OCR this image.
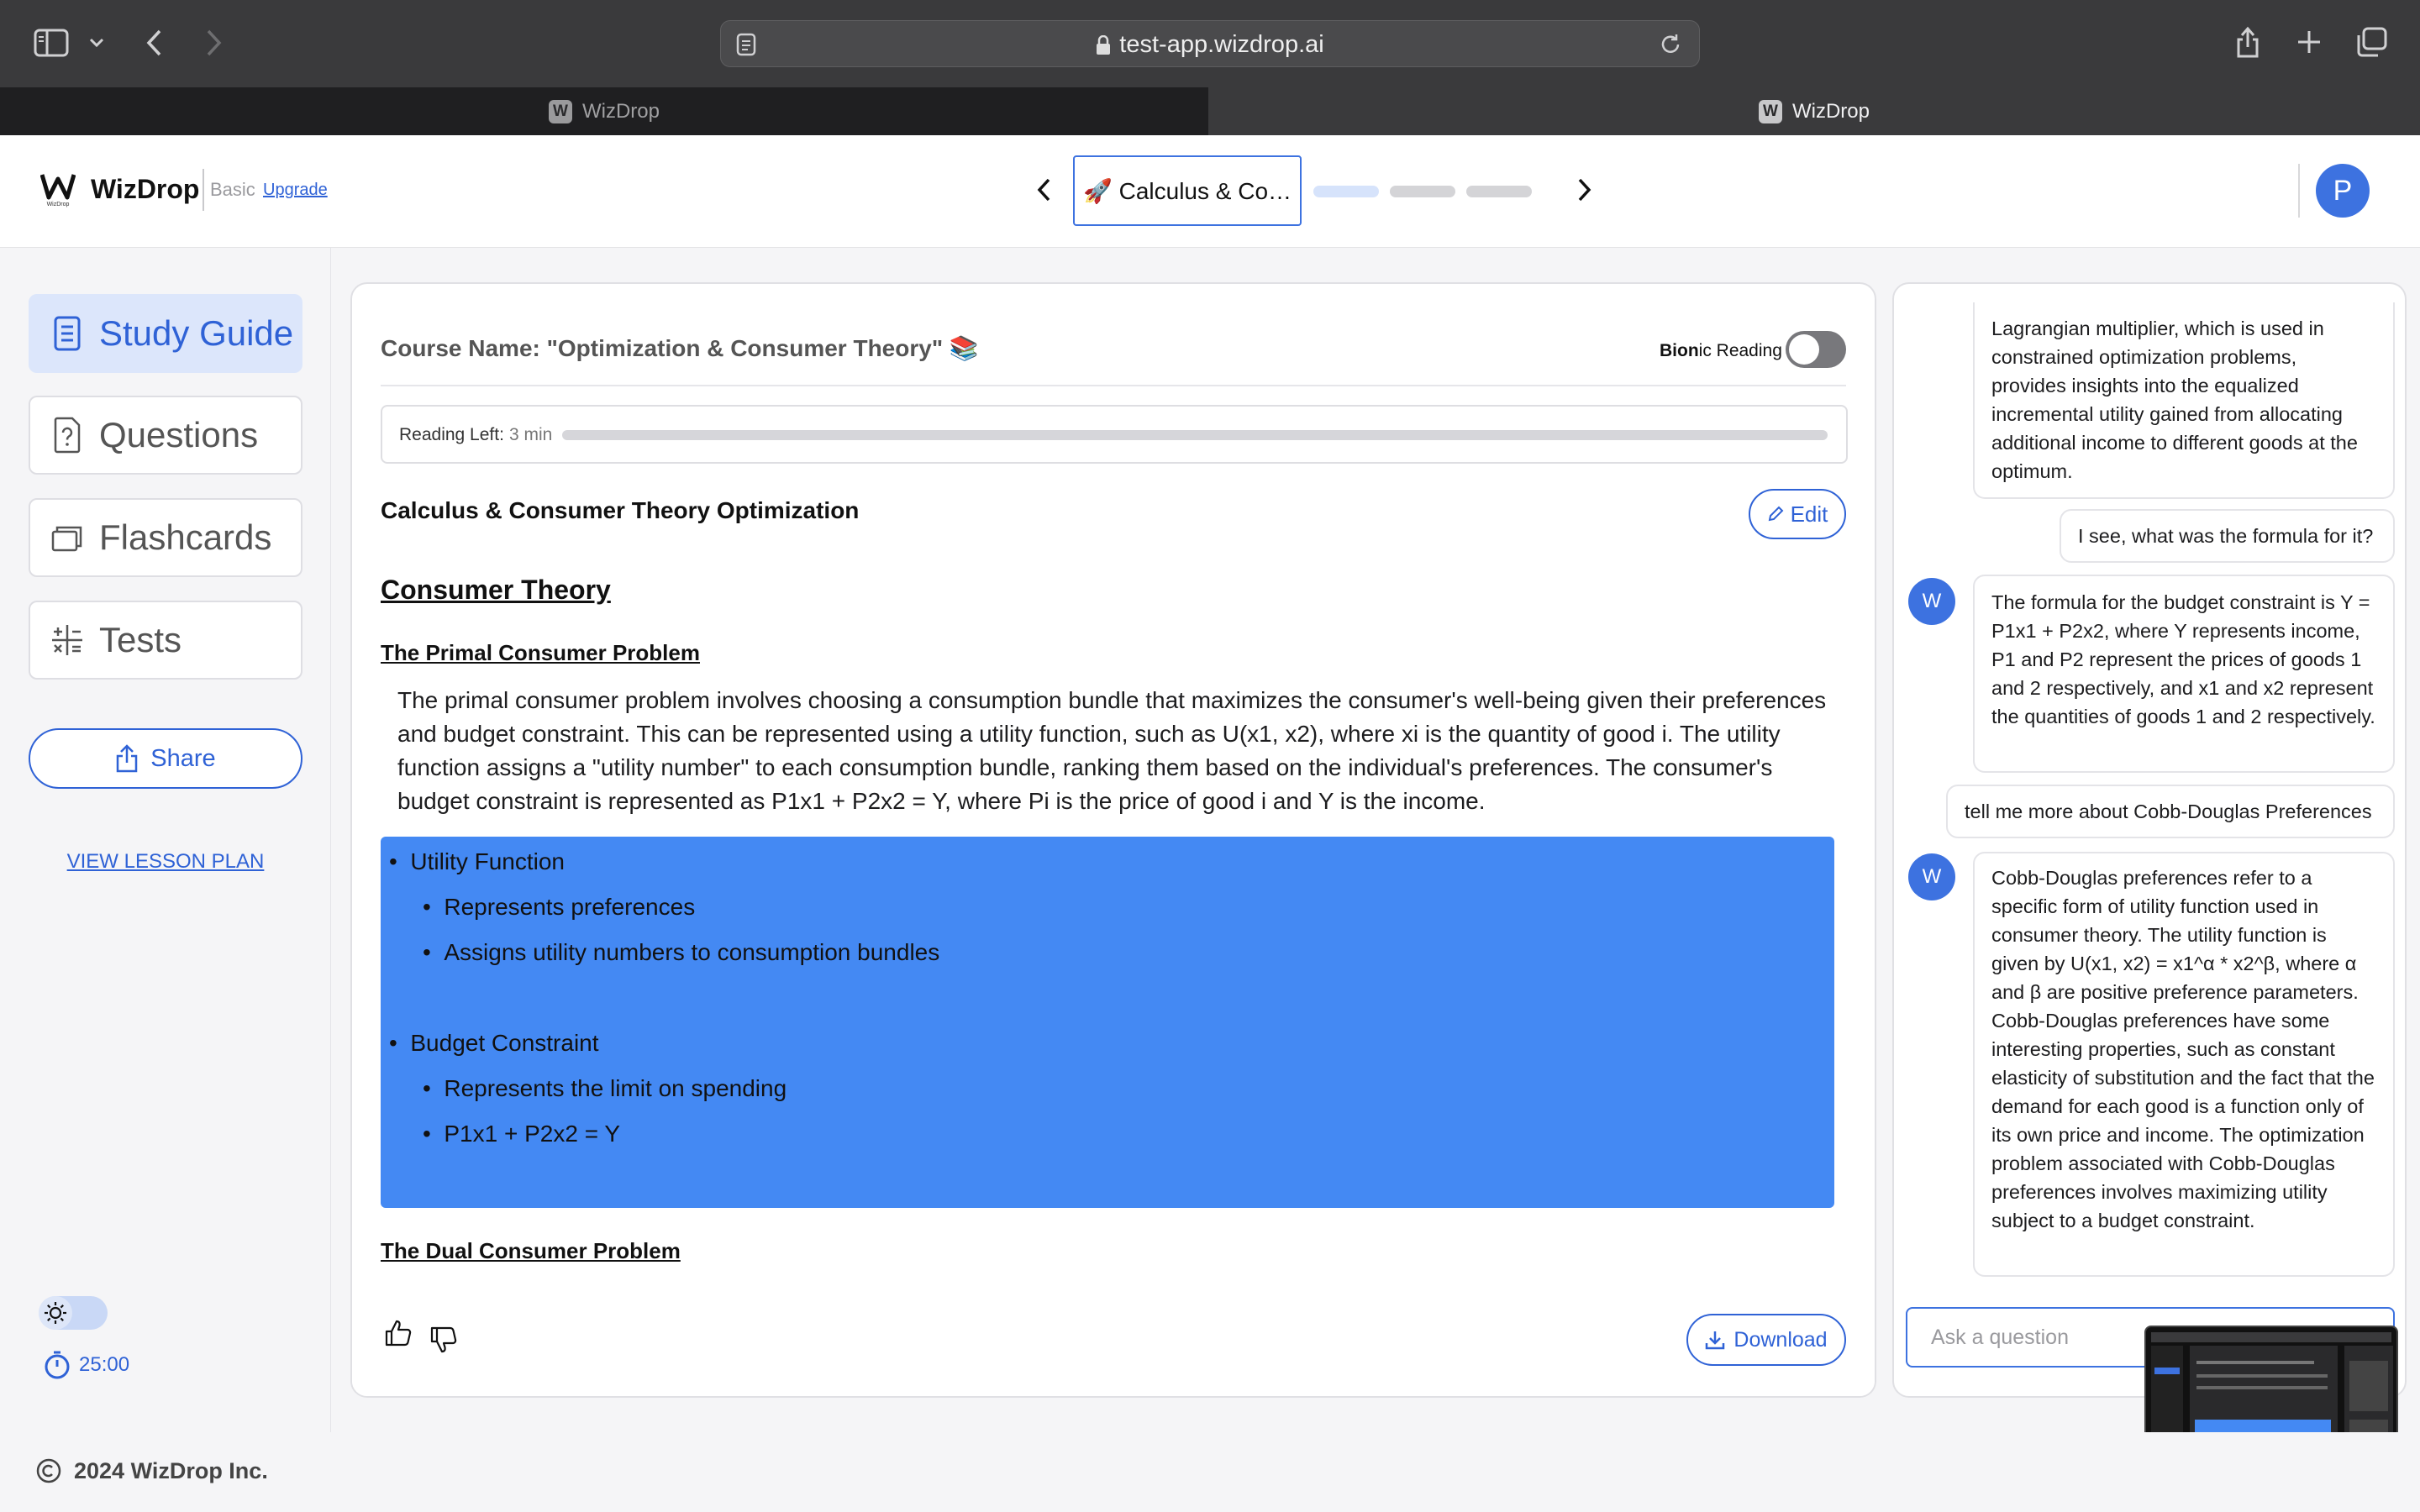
test-app.wizdrop.ai
W WizDrop	W WizDrop
WizDrop
WizDrop Basic Upgrade	🚀 Calculus & Co…	P
Study Guide
Questions
Flashcards
Tests
Share
VIEW LESSON PLAN
25:00
Course Name: "Optimization & Consumer Theory" 📚	Bionic Reading
Reading Left: 3 min
Calculus & Consumer Theory Optimization	Edit
Consumer Theory
The Primal Consumer Problem
The primal consumer problem involves choosing a consumption bundle that maximizes the consumer's well-being given their preferences and budget constraint. This can be represented using a utility function, such as U(x1, x2), where xi is the quantity of good i. The utility function assigns a "utility number" to each consumption bundle, ranking them based on the individual's preferences. The consumer's budget constraint is represented as P1x1 + P2x2 = Y, where Pi is the price of good i and Y is the income.
•  Utility Function
•  Represents preferences
•  Assigns utility numbers to consumption bundles
•  Budget Constraint
•  Represents the limit on spending
•  P1x1 + P2x2 = Y
The Dual Consumer Problem
Download
Lagrangian multiplier, which is used in constrained optimization problems, provides insights into the equalized incremental utility gained from allocating additional income to different goods at the optimum.
I see, what was the formula for it?
W	The formula for the budget constraint is Y = P1x1 + P2x2, where Y represents income, P1 and P2 represent the prices of goods 1 and 2 respectively, and x1 and x2 represent the quantities of goods 1 and 2 respectively.
tell me more about Cobb-Douglas Preferences
W	Cobb-Douglas preferences refer to a specific form of utility function used in consumer theory. The utility function is given by U(x1, x2) = x1^α * x2^β, where α and β are positive preference parameters. Cobb-Douglas preferences have some interesting properties, such as constant elasticity of substitution and the fact that the demand for each good is a function only of its own price and income. The optimization problem associated with Cobb-Douglas preferences involves maximizing utility subject to a budget constraint.
Ask a question
2024 WizDrop Inc.
